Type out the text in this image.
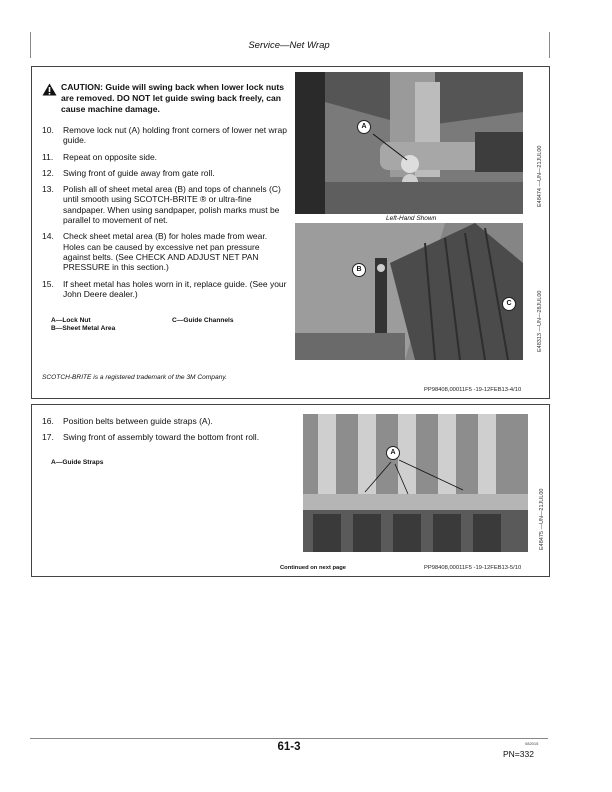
Service—Net Wrap
CAUTION: Guide will swing back when lower lock nuts are removed. DO NOT let guide swing back freely, can cause machine damage.
10. Remove lock nut (A) holding front corners of lower net wrap guide.
11. Repeat on opposite side.
12. Swing front of guide away from gate roll.
13. Polish all of sheet metal area (B) and tops of channels (C) until smooth using SCOTCH-BRITE ® or ultra-fine sandpaper. When using sandpaper, polish marks must be parallel to movement of net.
14. Check sheet metal area (B) for holes made from wear. Holes can be caused by excessive net pan pressure against belts. (See CHECK AND ADJUST NET PAN PRESSURE in this section.)
15. If sheet metal has holes worn in it, replace guide. (See your John Deere dealer.)
A—Lock Nut
B—Sheet Metal Area
C—Guide Channels
A
Left-Hand Shown
E48474 —UN—21JUL00
B
C	E48313 —UN—28JUL00
SCOTCH-BRITE is a registered trademark of the 3M Company.
PP98408,00011F5 -19-12FEB13-4/10
16. Position belts between guide straps (A).
17. Swing front of assembly toward the bottom front roll.
A—Guide Straps
A
E48475 —UN—21JUL00
Continued on next page	PP98408,00011F5 -19-12FEB13-5/10
61-3	082015
PN=332
